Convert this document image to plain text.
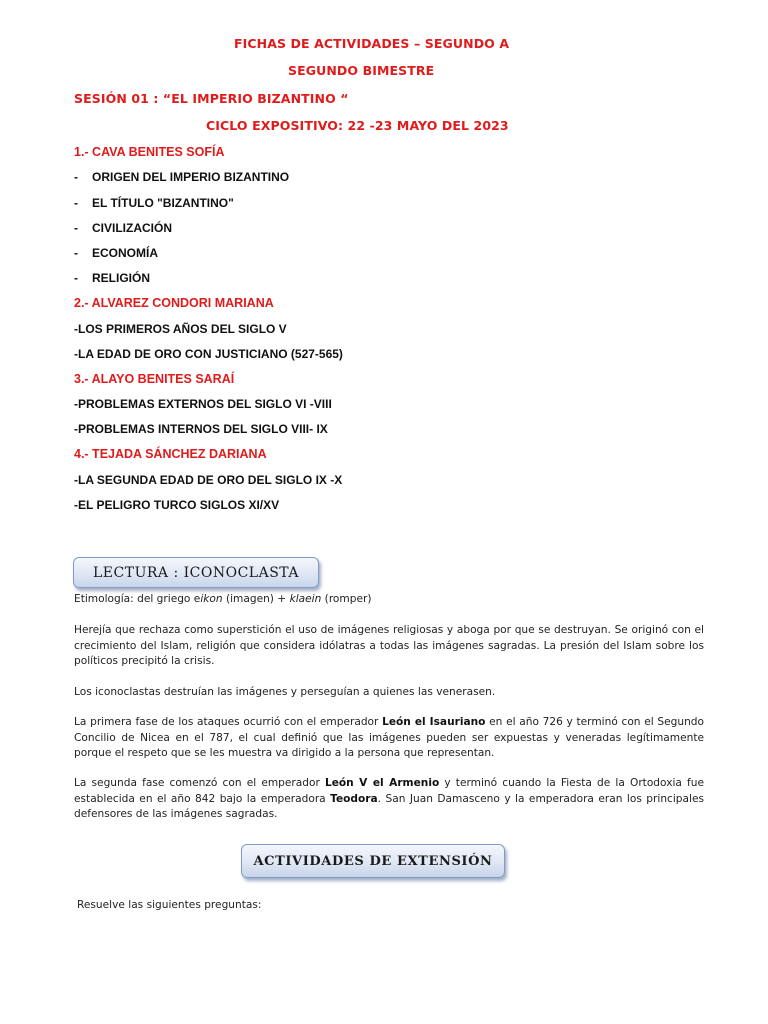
FICHAS DE ACTIVIDADES – SEGUNDO A
SEGUNDO BIMESTRE
SESIÓN 01 : “EL IMPERIO BIZANTINO “
CICLO EXPOSITIVO: 22 -23 MAYO DEL 2023
1.- CAVA BENITES SOFÍA
- ORIGEN DEL IMPERIO BIZANTINO
- EL TÍTULO "BIZANTINO"
- CIVILIZACIÓN
- ECONOMÍA
- RELIGIÓN
2.- ALVAREZ CONDORI MARIANA
-LOS PRIMEROS AÑOS DEL SIGLO V
-LA EDAD DE ORO CON JUSTICIANO (527-565)
3.- ALAYO BENITES SARAÍ
-PROBLEMAS EXTERNOS DEL SIGLO VI -VIII
-PROBLEMAS INTERNOS DEL SIGLO VIII- IX
4.- TEJADA SÁNCHEZ DARIANA
-LA SEGUNDA EDAD DE ORO DEL SIGLO IX -X
-EL PELIGRO TURCO SIGLOS XI/XV
LECTURA : ICONOCLASTA
Etimología: del griego eikon (imagen) + klaein (romper)
Herejía que rechaza como superstición el uso de imágenes religiosas y aboga por que se destruyan. Se originó con el crecimiento del Islam, religión que considera idólatras a todas las imágenes sagradas. La presión del Islam sobre los políticos precipitó la crisis.
Los iconoclastas destruían las imágenes y perseguían a quienes las venerasen.
La primera fase de los ataques ocurrió con el emperador León el Isauriano en el año 726 y terminó con el Segundo Concilio de Nicea en el 787, el cual definió que las imágenes pueden ser expuestas y veneradas legítimamente porque el respeto que se les muestra va dirigido a la persona que representan.
La segunda fase comenzó con el emperador León V el Armenio y terminó cuando la Fiesta de la Ortodoxia fue establecida en el año 842 bajo la emperadora Teodora. San Juan Damasceno y la emperadora eran los principales defensores de las imágenes sagradas.
ACTIVIDADES DE EXTENSIÓN
Resuelve las siguientes preguntas:
